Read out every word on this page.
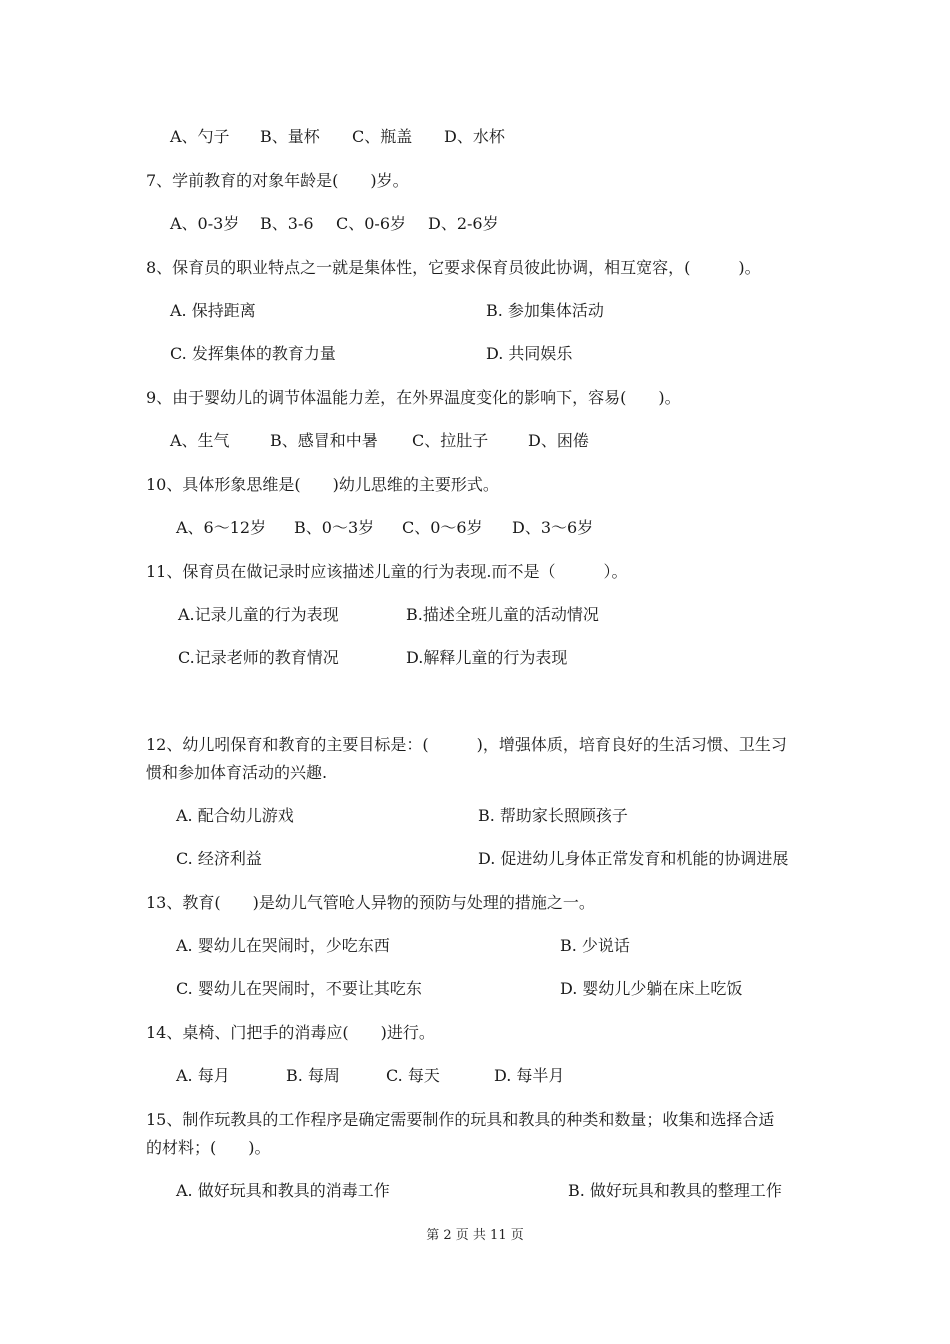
A、勺子 B、量杯 C、瓶盖 D、水杯
7、学前教育的对象年龄是(　　)岁。
A、0-3岁 B、3-6 C、0-6岁 D、2-6岁
8、保育员的职业特点之一就是集体性，它要求保育员彼此协调，相互宽容，(　　　)。
A. 保持距离	B. 参加集体活动
C. 发挥集体的教育力量	D. 共同娱乐
9、由于婴幼儿的调节体温能力差，在外界温度变化的影响下，容易(　　)。
A、生气	B、感冒和中暑 C、拉肚子 D、困倦
10、具体形象思维是(　　)幼儿思维的主要形式。
A、6～12岁 B、0～3岁 C、0～6岁 D、3～6岁
11、保育员在做记录时应该描述儿童的行为表现.而不是（　　　）。
A.记录儿童的行为表现	B.描述全班儿童的活动情况
C.记录老师的教育情况	D.解释儿童的行为表现
12、幼儿吲保育和教育的主要目标是：(　　　)，增强体质，培育良好的生活习惯、卫生习
惯和参加体育活动的兴趣.
A. 配合幼儿游戏	B. 帮助家长照顾孩子
C. 经济利益	D. 促进幼儿身体正常发育和机能的协调进展
13、教育(　　)是幼儿气管呛人异物的预防与处理的措施之一。
A. 婴幼儿在哭闹时，少吃东西	B. 少说话
C. 婴幼儿在哭闹时，不要让其吃东	D. 婴幼儿少躺在床上吃饭
14、桌椅、门把手的消毒应(　　)进行。
A. 每月	B. 每周	C. 每天	D. 每半月
15、制作玩教具的工作程序是确定需要制作的玩具和教具的种类和数量；收集和选择合适
的材料；(　　)。
A. 做好玩具和教具的消毒工作	B. 做好玩具和教具的整理工作
第 2 页 共 11 页
